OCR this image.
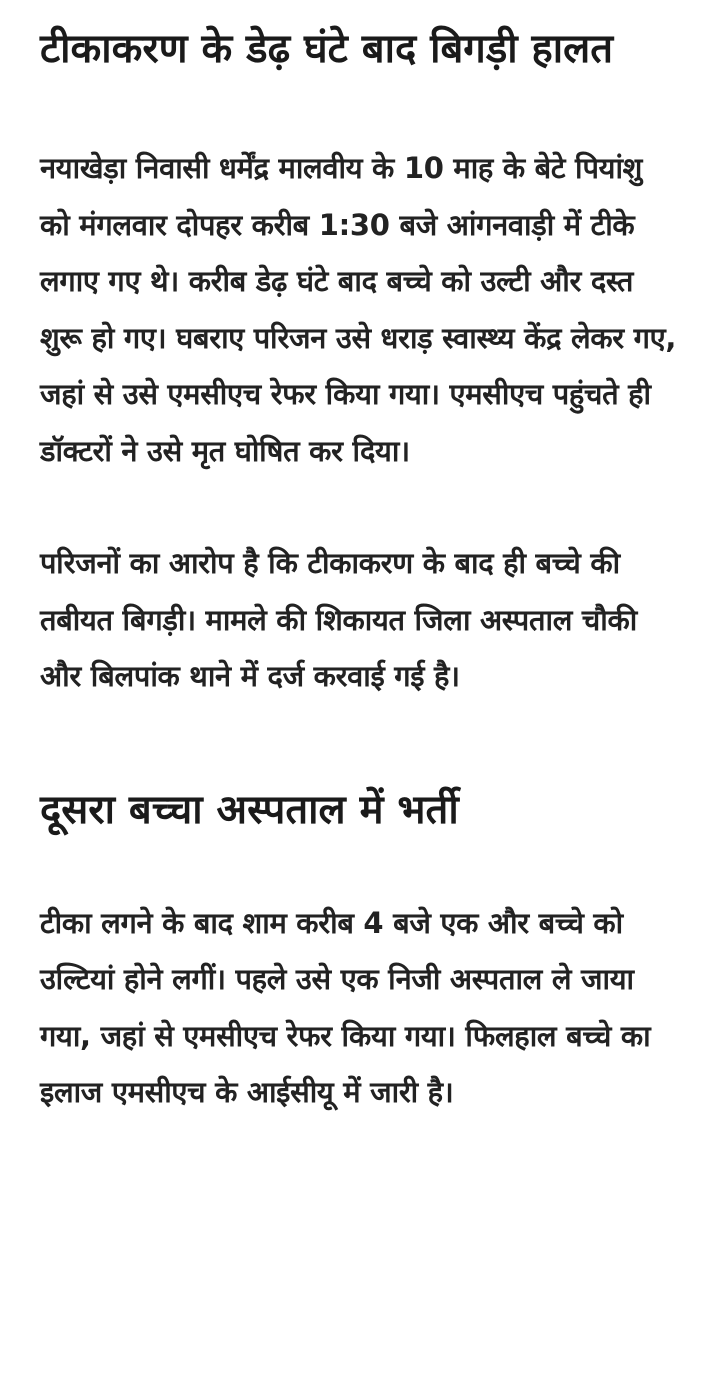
टीकाकरण के डेढ़ घंटे बाद बिगड़ी हालत

नयाखेड़ा निवासी धर्मेंद्र मालवीय के 10 माह के बेटे पियांशु को मंगलवार दोपहर करीब 1:30 बजे आंगनवाड़ी में टीके लगाए गए थे। करीब डेढ़ घंटे बाद बच्चे को उल्टी और दस्त शुरू हो गए। घबराए परिजन उसे धराड़ स्वास्थ्य केंद्र लेकर गए, जहां से उसे एमसीएच रेफर किया गया। एमसीएच पहुंचते ही डॉक्टरों ने उसे मृत घोषित कर दिया।

परिजनों का आरोप है कि टीकाकरण के बाद ही बच्चे की तबीयत बिगड़ी। मामले की शिकायत जिला अस्पताल चौकी और बिलपांक थाने में दर्ज करवाई गई है।

दूसरा बच्चा अस्पताल में भर्ती

टीका लगने के बाद शाम करीब 4 बजे एक और बच्चे को उल्टियां होने लगीं। पहले उसे एक निजी अस्पताल ले जाया गया, जहां से एमसीएच रेफर किया गया। फिलहाल बच्चे का इलाज एमसीएच के आईसीयू में जारी है।
